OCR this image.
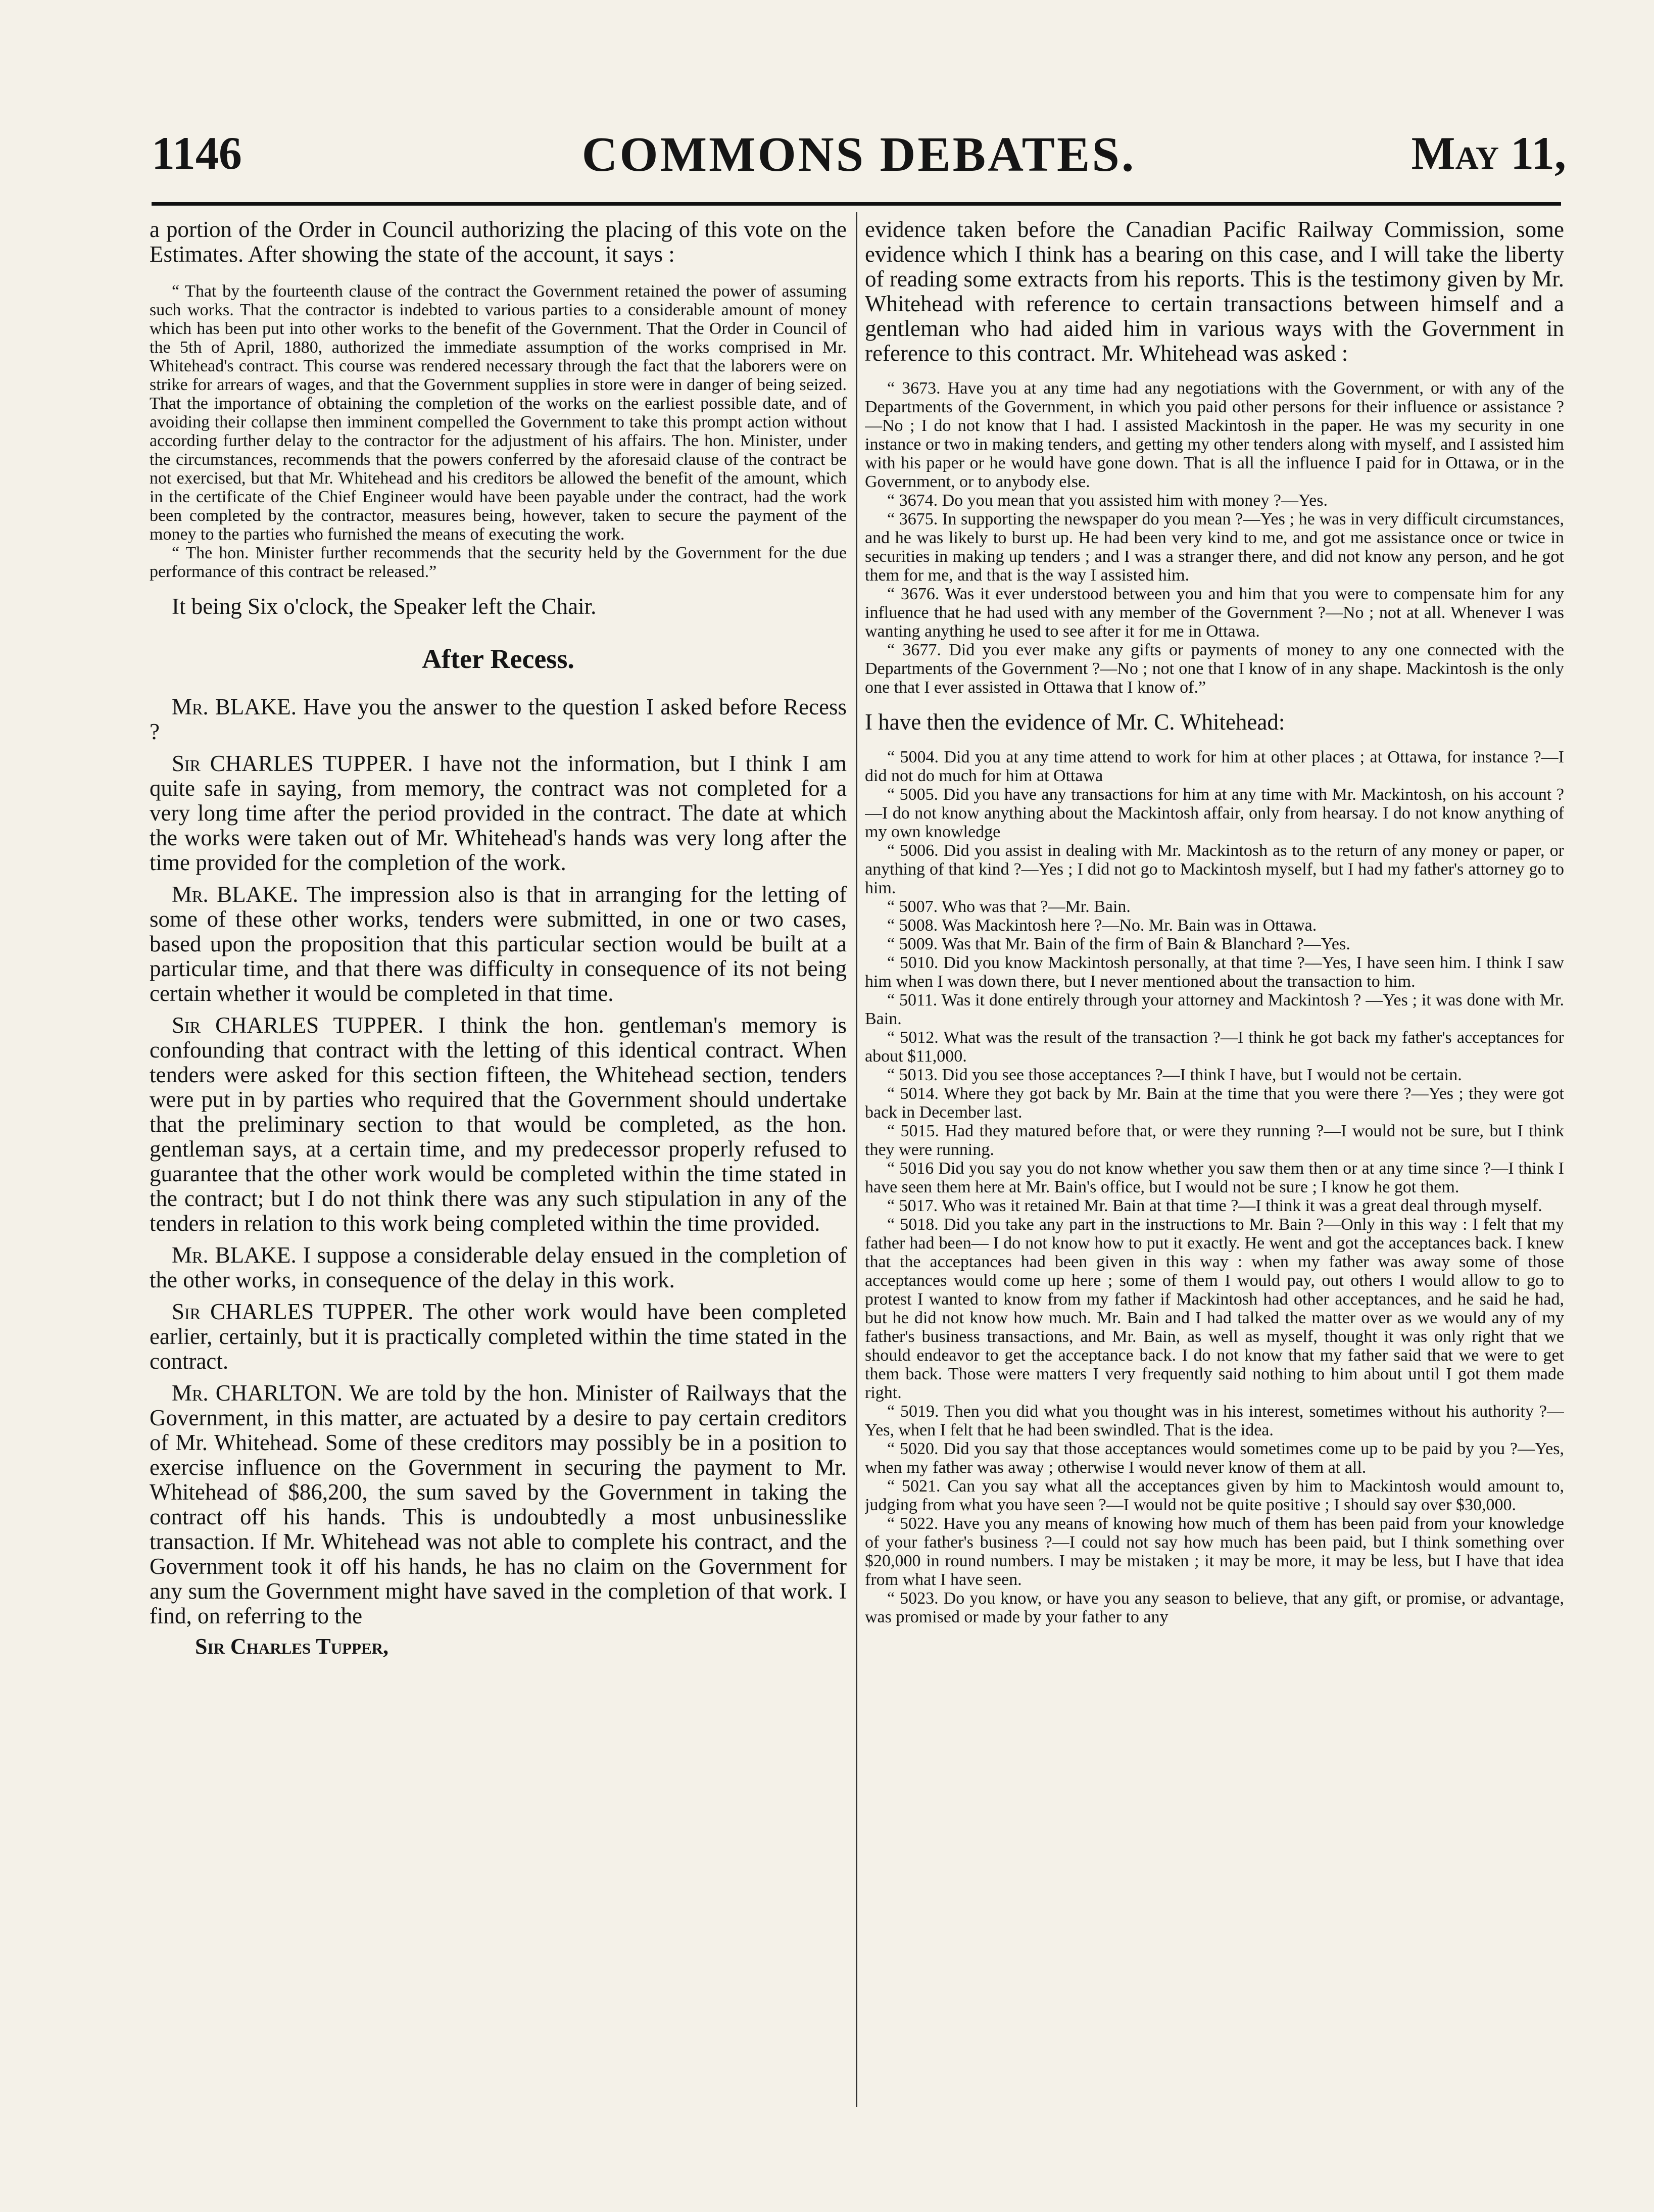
1146	COMMONS DEBATES.	May 11,

a portion of the Order in Council authorizing the placing of this vote on the Estimates. After showing the state of the account, it says :

“ That by the fourteenth clause of the contract the Government retained the power of assuming such works. That the contractor is indebted to various parties to a considerable amount of money which has been put into other works to the benefit of the Government. That the Order in Council of the 5th of April, 1880, authorized the immediate assumption of the works comprised in Mr. Whitehead's contract. This course was rendered necessary through the fact that the laborers were on strike for arrears of wages, and that the Government supplies in store were in danger of being seized. That the importance of obtaining the completion of the works on the earliest possible date, and of avoiding their collapse then imminent compelled the Government to take this prompt action without according further delay to the contractor for the adjustment of his affairs. The hon. Minister, under the circumstances, recommends that the powers conferred by the aforesaid clause of the contract be not exercised, but that Mr. Whitehead and his creditors be allowed the benefit of the amount, which in the certificate of the Chief Engineer would have been payable under the contract, had the work been completed by the contractor, measures being, however, taken to secure the payment of the money to the parties who furnished the means of executing the work.

“ The hon. Minister further recommends that the security held by the Government for the due performance of this contract be released.”

It being Six o'clock, the Speaker left the Chair.

After Recess.

Mr. BLAKE. Have you the answer to the question I asked before Recess ?

Sir CHARLES TUPPER. I have not the information, but I think I am quite safe in saying, from memory, the contract was not completed for a very long time after the period provided in the contract. The date at which the works were taken out of Mr. Whitehead's hands was very long after the time provided for the completion of the work.

Mr. BLAKE. The impression also is that in arranging for the letting of some of these other works, tenders were submitted, in one or two cases, based upon the proposition that this particular section would be built at a particular time, and that there was difficulty in consequence of its not being certain whether it would be completed in that time.

Sir CHARLES TUPPER. I think the hon. gentleman's memory is confounding that contract with the letting of this identical contract. When tenders were asked for this section fifteen, the Whitehead section, tenders were put in by parties who required that the Government should undertake that the preliminary section to that would be completed, as the hon. gentleman says, at a certain time, and my predecessor properly refused to guarantee that the other work would be completed within the time stated in the contract; but I do not think there was any such stipulation in any of the tenders in relation to this work being completed within the time provided.

Mr. BLAKE. I suppose a considerable delay ensued in the completion of the other works, in consequence of the delay in this work.

Sir CHARLES TUPPER. The other work would have been completed earlier, certainly, but it is practically completed within the time stated in the contract.

Mr. CHARLTON. We are told by the hon. Minister of Railways that the Government, in this matter, are actuated by a desire to pay certain creditors of Mr. Whitehead. Some of these creditors may possibly be in a position to exercise influence on the Government in securing the payment to Mr. Whitehead of $86,200, the sum saved by the Government in taking the contract off his hands. This is undoubtedly a most unbusinesslike transaction. If Mr. Whitehead was not able to complete his contract, and the Government took it off his hands, he has no claim on the Government for any sum the Government might have saved in the completion of that work. I find, on referring to the

Sir Charles Tupper,

evidence taken before the Canadian Pacific Railway Commission, some evidence which I think has a bearing on this case, and I will take the liberty of reading some extracts from his reports. This is the testimony given by Mr. Whitehead with reference to certain transactions between himself and a gentleman who had aided him in various ways with the Government in reference to this contract. Mr. Whitehead was asked :

“ 3673. Have you at any time had any negotiations with the Government, or with any of the Departments of the Government, in which you paid other persons for their influence or assistance ?—No ; I do not know that I had. I assisted Mackintosh in the paper. He was my security in one instance or two in making tenders, and getting my other tenders along with myself, and I assisted him with his paper or he would have gone down. That is all the influence I paid for in Ottawa, or in the Government, or to anybody else.

“ 3674. Do you mean that you assisted him with money ?—Yes.

“ 3675. In supporting the newspaper do you mean ?—Yes ; he was in very difficult circumstances, and he was likely to burst up. He had been very kind to me, and got me assistance once or twice in securities in making up tenders ; and I was a stranger there, and did not know any person, and he got them for me, and that is the way I assisted him.

“ 3676. Was it ever understood between you and him that you were to compensate him for any influence that he had used with any member of the Government ?—No ; not at all. Whenever I was wanting anything he used to see after it for me in Ottawa.

“ 3677. Did you ever make any gifts or payments of money to any one connected with the Departments of the Government ?—No ; not one that I know of in any shape. Mackintosh is the only one that I ever assisted in Ottawa that I know of.”

I have then the evidence of Mr. C. Whitehead:

“ 5004. Did you at any time attend to work for him at other places ; at Ottawa, for instance ?—I did not do much for him at Ottawa

“ 5005. Did you have any transactions for him at any time with Mr. Mackintosh, on his account ?—I do not know anything about the Mackintosh affair, only from hearsay. I do not know anything of my own knowledge

“ 5006. Did you assist in dealing with Mr. Mackintosh as to the return of any money or paper, or anything of that kind ?—Yes ; I did not go to Mackintosh myself, but I had my father's attorney go to him.

“ 5007. Who was that ?—Mr. Bain.

“ 5008. Was Mackintosh here ?—No. Mr. Bain was in Ottawa.

“ 5009. Was that Mr. Bain of the firm of Bain & Blanchard ?—Yes.

“ 5010. Did you know Mackintosh personally, at that time ?—Yes, I have seen him. I think I saw him when I was down there, but I never mentioned about the transaction to him.

“ 5011. Was it done entirely through your attorney and Mackintosh ? —Yes ; it was done with Mr. Bain.

“ 5012. What was the result of the transaction ?—I think he got back my father's acceptances for about $11,000.

“ 5013. Did you see those acceptances ?—I think I have, but I would not be certain.

“ 5014. Where they got back by Mr. Bain at the time that you were there ?—Yes ; they were got back in December last.

“ 5015. Had they matured before that, or were they running ?—I would not be sure, but I think they were running.

“ 5016 Did you say you do not know whether you saw them then or at any time since ?—I think I have seen them here at Mr. Bain's office, but I would not be sure ; I know he got them.

“ 5017. Who was it retained Mr. Bain at that time ?—I think it was a great deal through myself.

“ 5018. Did you take any part in the instructions to Mr. Bain ?—Only in this way : I felt that my father had been— I do not know how to put it exactly. He went and got the acceptances back. I knew that the acceptances had been given in this way : when my father was away some of those acceptances would come up here ; some of them I would pay, out others I would allow to go to protest I wanted to know from my father if Mackintosh had other acceptances, and he said he had, but he did not know how much. Mr. Bain and I had talked the matter over as we would any of my father's business transactions, and Mr. Bain, as well as myself, thought it was only right that we should endeavor to get the acceptance back. I do not know that my father said that we were to get them back. Those were matters I very frequently said nothing to him about until I got them made right.

“ 5019. Then you did what you thought was in his interest, sometimes without his authority ?—Yes, when I felt that he had been swindled. That is the idea.

“ 5020. Did you say that those acceptances would sometimes come up to be paid by you ?—Yes, when my father was away ; otherwise I would never know of them at all.

“ 5021. Can you say what all the acceptances given by him to Mackintosh would amount to, judging from what you have seen ?—I would not be quite positive ; I should say over $30,000.

“ 5022. Have you any means of knowing how much of them has been paid from your knowledge of your father's business ?—I could not say how much has been paid, but I think something over $20,000 in round numbers. I may be mistaken ; it may be more, it may be less, but I have that idea from what I have seen.

“ 5023. Do you know, or have you any season to believe, that any gift, or promise, or advantage, was promised or made by your father to any
